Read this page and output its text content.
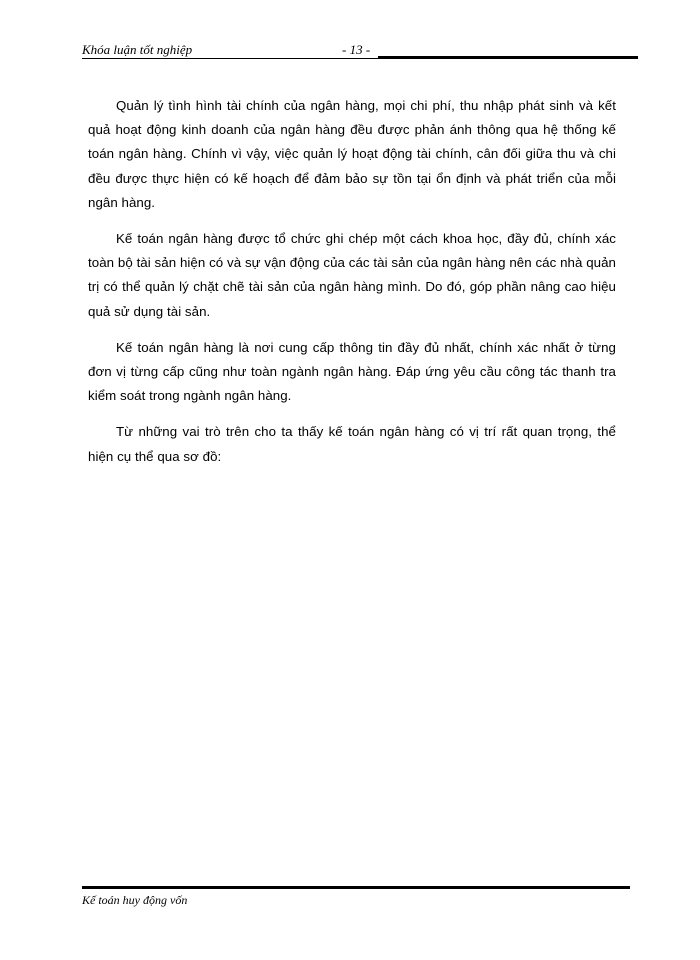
Khóa luận tốt nghiệp	- 13 -

Quản lý tình hình tài chính của ngân hàng, mọi chi phí, thu nhập phát sinh và kết quả hoạt động kinh doanh của ngân hàng đều được phản ánh thông qua hệ thống kế toán ngân hàng. Chính vì vậy, việc quản lý hoạt động tài chính, cân đối giữa thu và chi đều được thực hiện có kế hoạch để đảm bảo sự tồn tại ổn định và phát triển của mỗi ngân hàng.

Kế toán ngân hàng được tổ chức ghi chép một cách khoa học, đầy đủ, chính xác toàn bộ tài sản hiện có và sự vận động của các tài sản của ngân hàng nên các nhà quản trị có thể quản lý chặt chẽ tài sản của ngân hàng mình. Do đó, góp phần nâng cao hiệu quả sử dụng tài sản.

Kế toán ngân hàng là nơi cung cấp thông tin đầy đủ nhất, chính xác nhất ở từng đơn vị từng cấp cũng như toàn ngành ngân hàng. Đáp ứng yêu cầu công tác thanh tra kiểm soát trong ngành ngân hàng.

Từ những vai trò trên cho ta thấy kế toán ngân hàng có vị trí rất quan trọng, thể hiện cụ thể qua sơ đồ:

Kế toán huy động vốn
